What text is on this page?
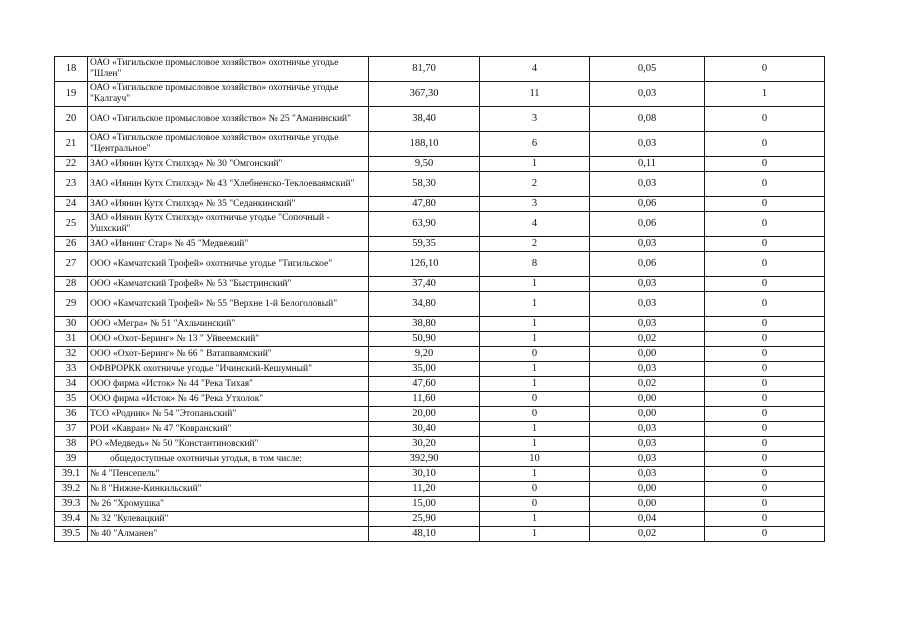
18	ОАО «Тигильское промысловое хозяйство» охотничье угодье "Шлен"	81,70	4	0,05	0
19	ОАО «Тигильское промысловое хозяйство» охотничье угодье "Калгауч"	367,30	11	0,03	1
20	ОАО «Тигильское промысловое хозяйство» № 25 "Аманинский"	38,40	3	0,08	0
21	ОАО «Тигильское промысловое хозяйство» охотничье угодье "Центральное"	188,10	6	0,03	0
22	ЗАО «Иянин Кутх Стилхэд» № 30 "Омгонский"	9,50	1	0,11	0
23	ЗАО «Иянин Кутх Стилхэд» № 43 "Хлебненско-Теклоеваямский"	58,30	2	0,03	0
24	ЗАО «Иянин Кутх Стилхэд» № 35 "Седанкинский"	47,80	3	0,06	0
25	ЗАО «Иянин Кутх Стилхэд» охотничье угодье "Сопочный - Ушхский"	63,90	4	0,06	0
26	ЗАО «Ивнинг Стар» № 45 "Медвежий"	59,35	2	0,03	0
27	ООО «Камчатский Трофей» охотничье угодье "Тигильское"	126,10	8	0,06	0
28	ООО «Камчатский Трофей» № 53 "Быстринский"	37,40	1	0,03	0
29	ООО «Камчатский Трофей» № 55 "Верхне 1-й Белоголовый"	34,80	1	0,03	0
30	ООО «Мегра» № 51 "Ахльчинский"	38,80	1	0,03	0
31	ООО «Охот-Беринг» № 13 " Уйвеемский"	50,90	1	0,02	0
32	ООО «Охот-Беринг» № 66 " Ватапваямский"	9,20	0	0,00	0
33	ОФВРОРКК охотничье угодье "Ичинский-Кешумный"	35,00	1	0,03	0
34	ООО фирма «Исток» № 44 "Река Тихая"	47,60	1	0,02	0
35	ООО фирма «Исток» № 46 "Река Утхолок"	11,60	0	0,00	0
36	ТСО «Родник» № 54 "Этопаньский"	20,00	0	0,00	0
37	РОИ «Кавран» № 47 "Ковранский"	30,40	1	0,03	0
38	РО «Медведь» № 50 "Константиновский"	30,20	1	0,03	0
39	общедоступные охотничьи угодья, в том числе:	392,90	10	0,03	0
39.1	№ 4 "Пенсепель"	30,10	1	0,03	0
39.2	№ 8 "Нижне-Кинкильский"	11,20	0	0,00	0
39.3	№ 26 "Хромушка"	15,00	0	0,00	0
39.4	№ 32 "Кулевацкий"	25,90	1	0,04	0
39.5	№ 40 "Алманен"	48,10	1	0,02	0
